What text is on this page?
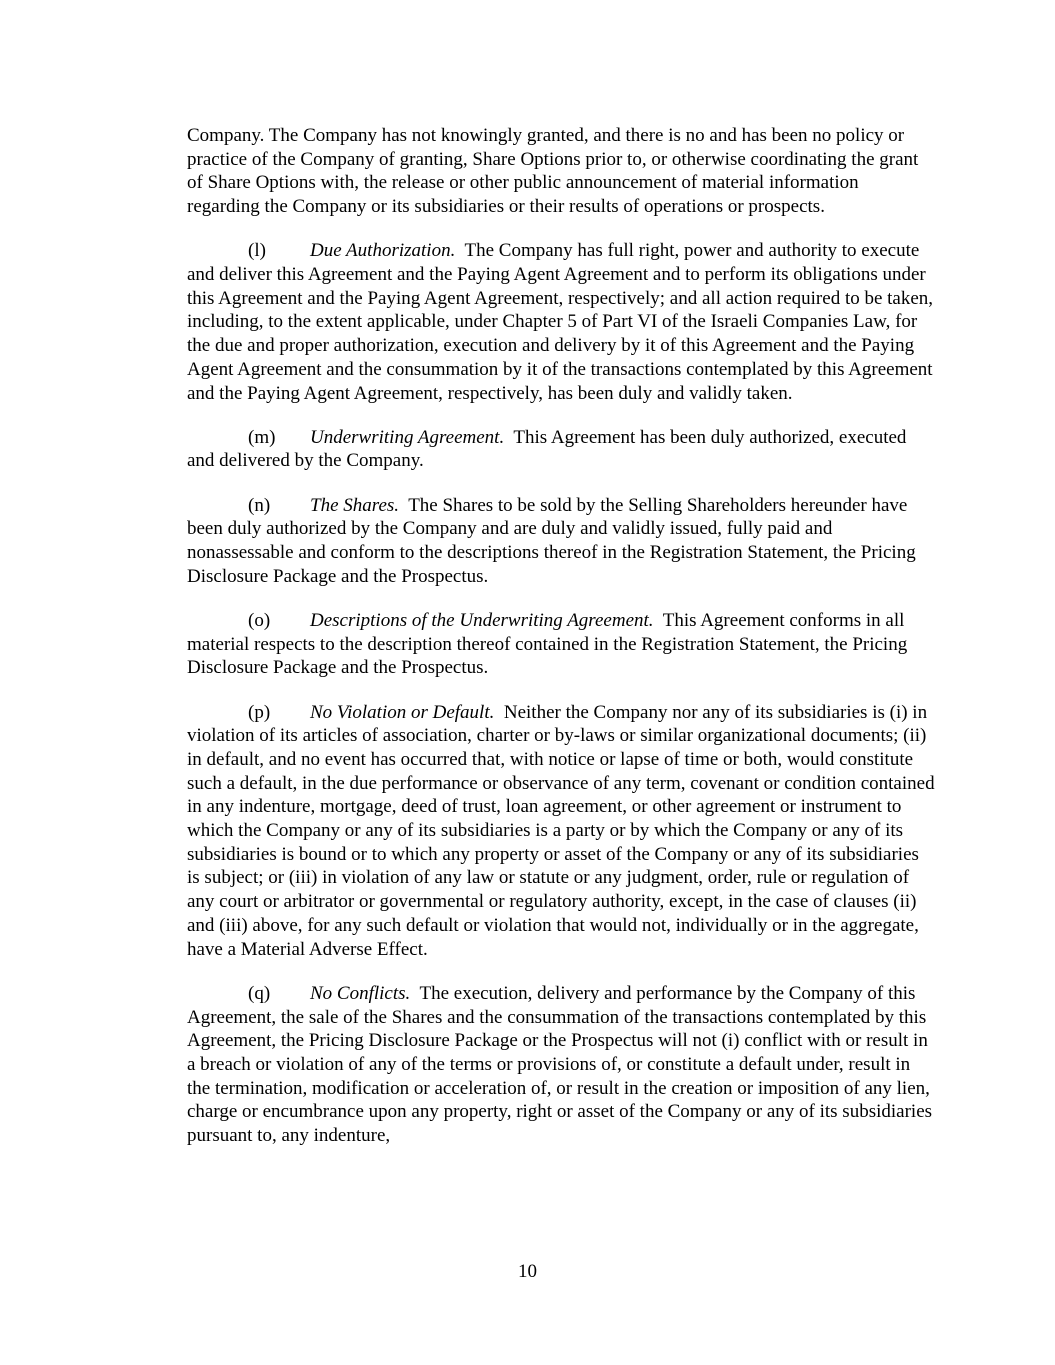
Company. The Company has not knowingly granted, and there is no and has been no policy or practice of the Company of granting, Share Options prior to, or otherwise coordinating the grant of Share Options with, the release or other public announcement of material information regarding the Company or its subsidiaries or their results of operations or prospects.

(l) Due Authorization. The Company has full right, power and authority to execute and deliver this Agreement and the Paying Agent Agreement and to perform its obligations under this Agreement and the Paying Agent Agreement, respectively; and all action required to be taken, including, to the extent applicable, under Chapter 5 of Part VI of the Israeli Companies Law, for the due and proper authorization, execution and delivery by it of this Agreement and the Paying Agent Agreement and the consummation by it of the transactions contemplated by this Agreement and the Paying Agent Agreement, respectively, has been duly and validly taken.

(m) Underwriting Agreement. This Agreement has been duly authorized, executed and delivered by the Company.

(n) The Shares. The Shares to be sold by the Selling Shareholders hereunder have been duly authorized by the Company and are duly and validly issued, fully paid and nonassessable and conform to the descriptions thereof in the Registration Statement, the Pricing Disclosure Package and the Prospectus.

(o) Descriptions of the Underwriting Agreement. This Agreement conforms in all material respects to the description thereof contained in the Registration Statement, the Pricing Disclosure Package and the Prospectus.

(p) No Violation or Default. Neither the Company nor any of its subsidiaries is (i) in violation of its articles of association, charter or by-laws or similar organizational documents; (ii) in default, and no event has occurred that, with notice or lapse of time or both, would constitute such a default, in the due performance or observance of any term, covenant or condition contained in any indenture, mortgage, deed of trust, loan agreement, or other agreement or instrument to which the Company or any of its subsidiaries is a party or by which the Company or any of its subsidiaries is bound or to which any property or asset of the Company or any of its subsidiaries is subject; or (iii) in violation of any law or statute or any judgment, order, rule or regulation of any court or arbitrator or governmental or regulatory authority, except, in the case of clauses (ii) and (iii) above, for any such default or violation that would not, individually or in the aggregate, have a Material Adverse Effect.

(q) No Conflicts. The execution, delivery and performance by the Company of this Agreement, the sale of the Shares and the consummation of the transactions contemplated by this Agreement, the Pricing Disclosure Package or the Prospectus will not (i) conflict with or result in a breach or violation of any of the terms or provisions of, or constitute a default under, result in the termination, modification or acceleration of, or result in the creation or imposition of any lien, charge or encumbrance upon any property, right or asset of the Company or any of its subsidiaries pursuant to, any indenture,

10
